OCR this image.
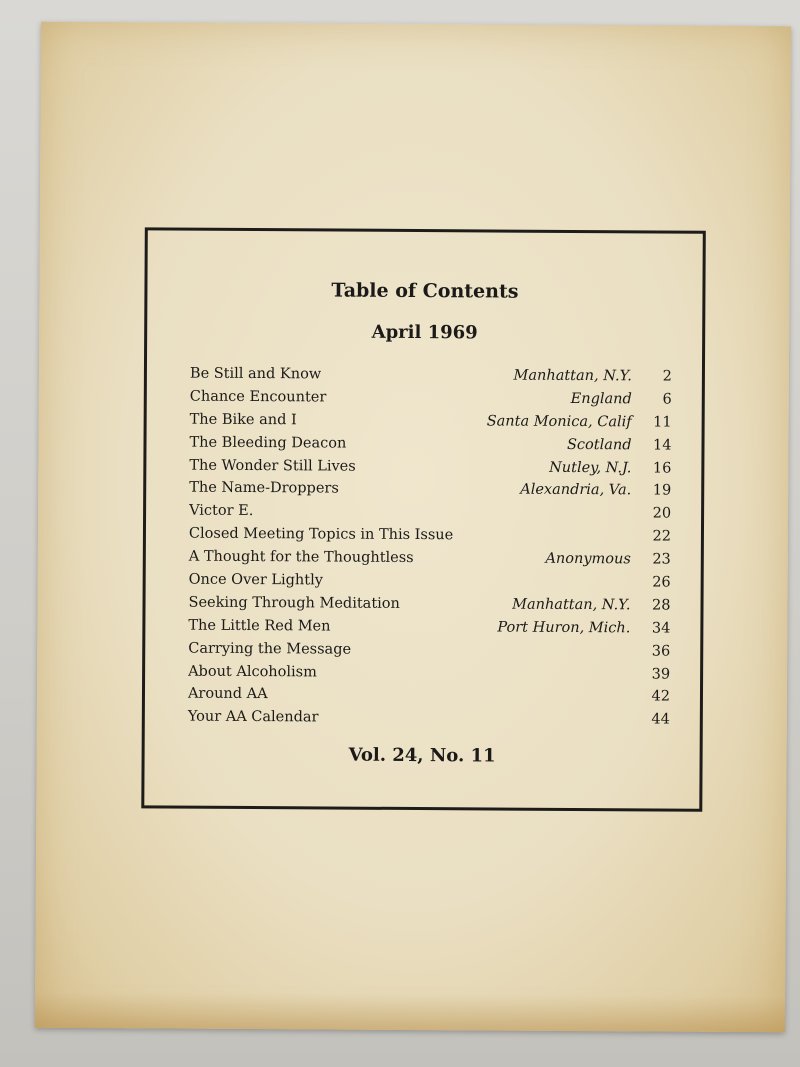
Table of Contents
April 1969
Be Still and Know	Manhattan, N.Y.	2
Chance Encounter	England	6
The Bike and I	Santa Monica, Calif	11
The Bleeding Deacon	Scotland	14
The Wonder Still Lives	Nutley, N.J.	16
The Name-Droppers	Alexandria, Va.	19
Victor E.	20
Closed Meeting Topics in This Issue	22
A Thought for the Thoughtless	Anonymous	23
Once Over Lightly	26
Seeking Through Meditation	Manhattan, N.Y.	28
The Little Red Men	Port Huron, Mich.	34
Carrying the Message	36
About Alcoholism	39
Around AA	42
Your AA Calendar	44
Vol. 24, No. 11
